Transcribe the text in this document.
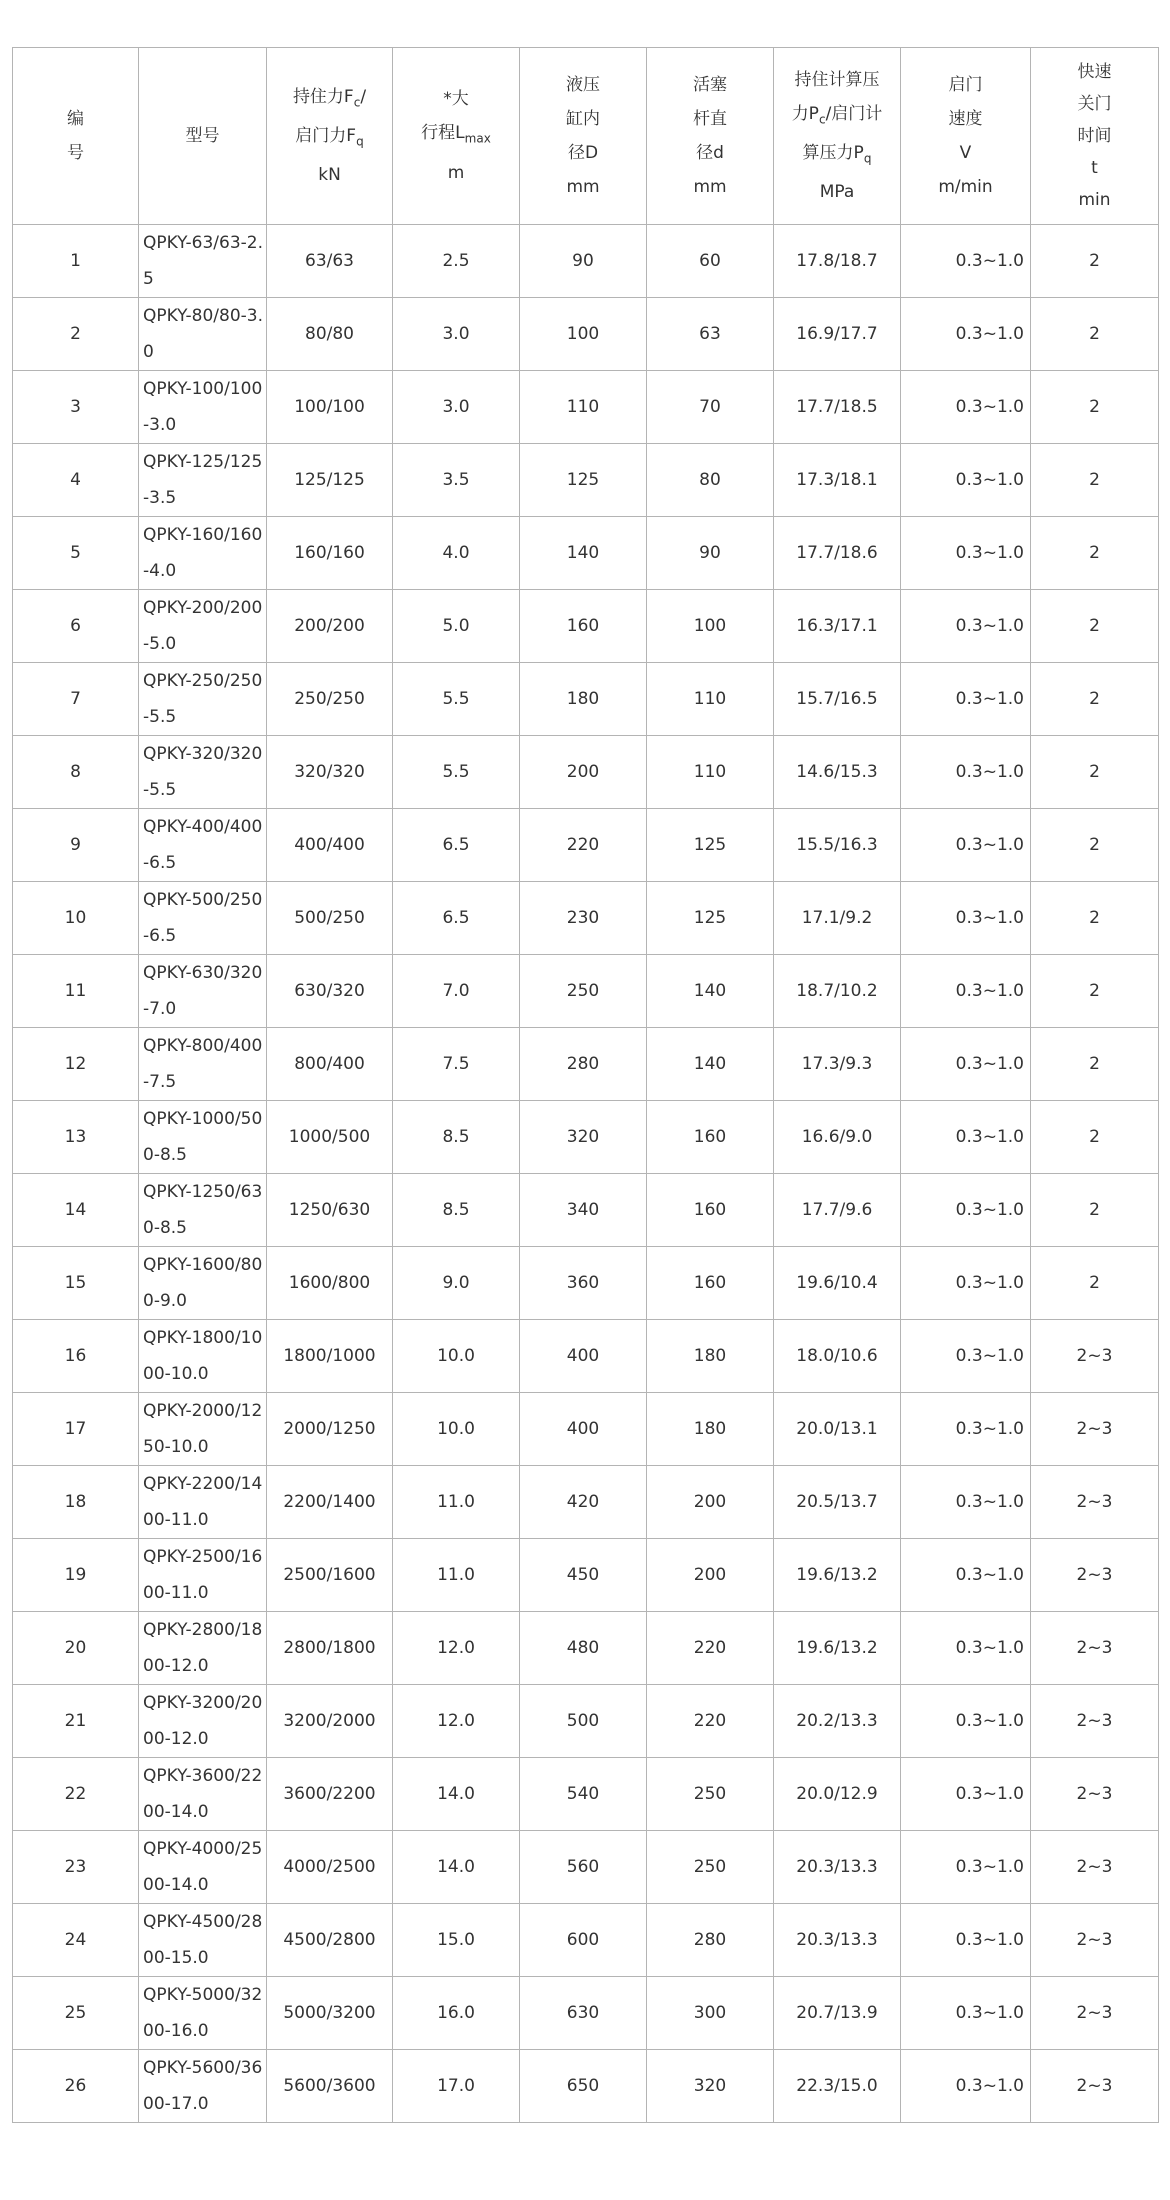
编
号	型号	持住力$F_c/$
启门力$F_q$
kN	*大
行程$L_{max}$
m	液压
缸内
径D
mm	活塞
杆直
径d
mm	持住计算压
力$P_c/$启门计
算压力$P_q$
MPa	启门
速度
V
m/min	快速
关门
时间
t
min

1	QPKY-63/63-2.5	63/63	2.5	90	60	17.8/18.7	0.3~1.0	2
2	QPKY-80/80-3.0	80/80	3.0	100	63	16.9/17.7	0.3~1.0	2
3	QPKY-100/100-3.0	100/100	3.0	110	70	17.7/18.5	0.3~1.0	2
4	QPKY-125/125-3.5	125/125	3.5	125	80	17.3/18.1	0.3~1.0	2
5	QPKY-160/160-4.0	160/160	4.0	140	90	17.7/18.6	0.3~1.0	2
6	QPKY-200/200-5.0	200/200	5.0	160	100	16.3/17.1	0.3~1.0	2
7	QPKY-250/250-5.5	250/250	5.5	180	110	15.7/16.5	0.3~1.0	2
8	QPKY-320/320-5.5	320/320	5.5	200	110	14.6/15.3	0.3~1.0	2
9	QPKY-400/400-6.5	400/400	6.5	220	125	15.5/16.3	0.3~1.0	2
10	QPKY-500/250-6.5	500/250	6.5	230	125	17.1/9.2	0.3~1.0	2
11	QPKY-630/320-7.0	630/320	7.0	250	140	18.7/10.2	0.3~1.0	2
12	QPKY-800/400-7.5	800/400	7.5	280	140	17.3/9.3	0.3~1.0	2
13	QPKY-1000/500-8.5	1000/500	8.5	320	160	16.6/9.0	0.3~1.0	2
14	QPKY-1250/630-8.5	1250/630	8.5	340	160	17.7/9.6	0.3~1.0	2
15	QPKY-1600/800-9.0	1600/800	9.0	360	160	19.6/10.4	0.3~1.0	2
16	QPKY-1800/1000-10.0	1800/1000	10.0	400	180	18.0/10.6	0.3~1.0	2~3
17	QPKY-2000/1250-10.0	2000/1250	10.0	400	180	20.0/13.1	0.3~1.0	2~3
18	QPKY-2200/1400-11.0	2200/1400	11.0	420	200	20.5/13.7	0.3~1.0	2~3
19	QPKY-2500/1600-11.0	2500/1600	11.0	450	200	19.6/13.2	0.3~1.0	2~3
20	QPKY-2800/1800-12.0	2800/1800	12.0	480	220	19.6/13.2	0.3~1.0	2~3
21	QPKY-3200/2000-12.0	3200/2000	12.0	500	220	20.2/13.3	0.3~1.0	2~3
22	QPKY-3600/2200-14.0	3600/2200	14.0	540	250	20.0/12.9	0.3~1.0	2~3
23	QPKY-4000/2500-14.0	4000/2500	14.0	560	250	20.3/13.3	0.3~1.0	2~3
24	QPKY-4500/2800-15.0	4500/2800	15.0	600	280	20.3/13.3	0.3~1.0	2~3
25	QPKY-5000/3200-16.0	5000/3200	16.0	630	300	20.7/13.9	0.3~1.0	2~3
26	QPKY-5600/3600-17.0	5600/3600	17.0	650	320	22.3/15.0	0.3~1.0	2~3
